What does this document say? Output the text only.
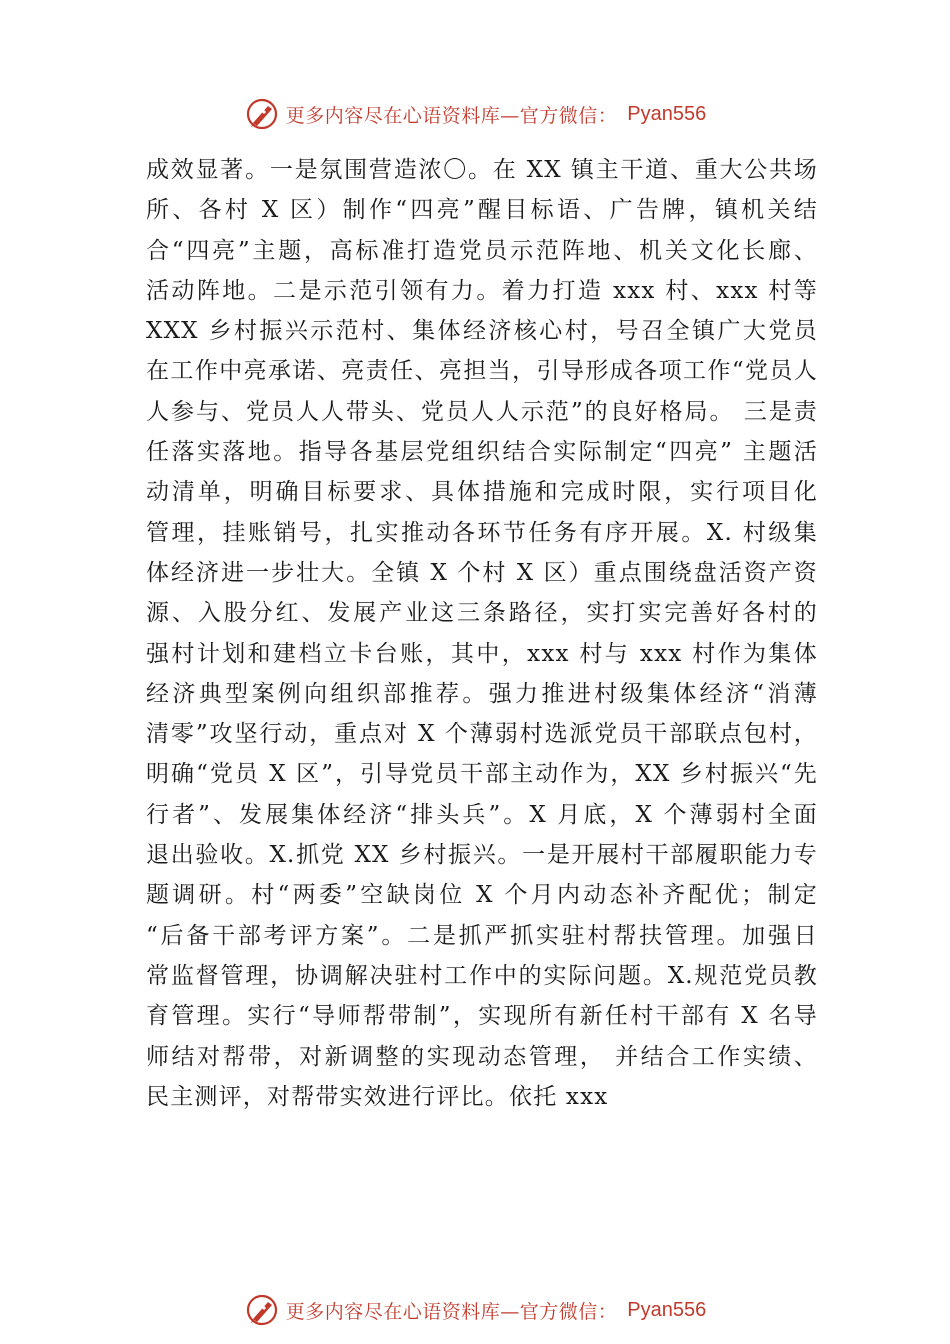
更多内容尽在心语资料库—官方微信： Pyan556
成效显著。一是氛围营造浓〇。在 XX 镇主干道、重大公共场
所、各村 X 区）制作“四亮”醒目标语、广告牌，镇机关结
合“四亮”主题，高标准打造党员示范阵地、机关文化长廊、
活动阵地。二是示范引领有力。着力打造 xxx 村、xxx 村等
XXX 乡村振兴示范村、集体经济核心村，号召全镇广大党员
在工作中亮承诺、亮责任、亮担当，引导形成各项工作“党员人
人参与、党员人人带头、党员人人示范”的良好格局。 三是责
任落实落地。指导各基层党组织结合实际制定“四亮” 主题活
动清单，明确目标要求、具体措施和完成时限，实行项目化
管理，挂账销号，扎实推动各环节任务有序开展。X. 村级集
体经济进一步壮大。全镇 X 个村 X 区）重点围绕盘活资产资
源、入股分红、发展产业这三条路径，实打实完善好各村的
强村计划和建档立卡台账，其中，xxx 村与 xxx 村作为集体
经济典型案例向组织部推荐。强力推进村级集体经济“消薄
清零”攻坚行动，重点对 X 个薄弱村选派党员干部联点包村，
明确“党员 X 区”，引导党员干部主动作为，XX 乡村振兴“先
行者”、发展集体经济“排头兵”。X 月底，X 个薄弱村全面
退出验收。X.抓党 XX 乡村振兴。一是开展村干部履职能力专
题调研。村“两委”空缺岗位 X 个月内动态补齐配优；制定
“后备干部考评方案”。二是抓严抓实驻村帮扶管理。加强日
常监督管理，协调解决驻村工作中的实际问题。X.规范党员教
育管理。实行“导师帮带制”，实现所有新任村干部有 X 名导
师结对帮带，对新调整的实现动态管理， 并结合工作实绩、
民主测评，对帮带实效进行评比。依托 xxx
更多内容尽在心语资料库—官方微信： Pyan556
